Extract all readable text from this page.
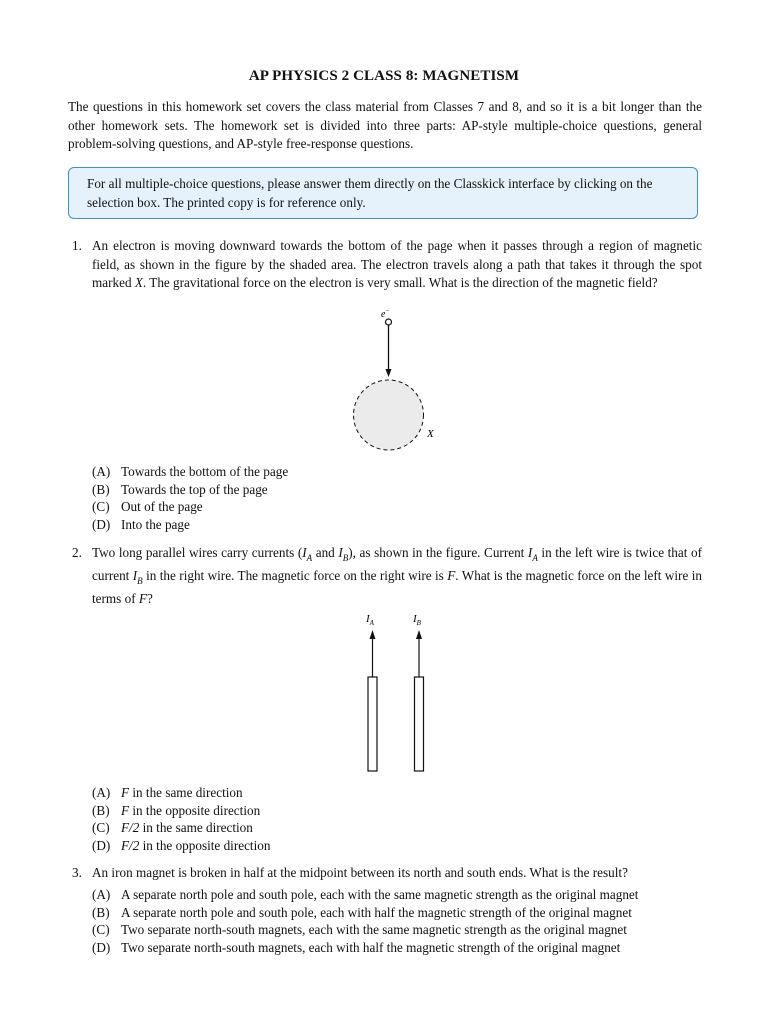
AP PHYSICS 2 CLASS 8: MAGNETISM
The questions in this homework set covers the class material from Classes 7 and 8, and so it is a bit longer than the other homework sets. The homework set is divided into three parts: AP-style multiple-choice questions, general problem-solving questions, and AP-style free-response questions.
For all multiple-choice questions, please answer them directly on the Classkick interface by clicking on the selection box. The printed copy is for reference only.
1. An electron is moving downward towards the bottom of the page when it passes through a region of magnetic field, as shown in the figure by the shaded area. The electron travels along a path that takes it through the spot marked X. The gravitational force on the electron is very small. What is the direction of the magnetic field?
e−
X
(A) Towards the bottom of the page
(B) Towards the top of the page
(C) Out of the page
(D) Into the page
2. Two long parallel wires carry currents ($I_A$ and $I_B$), as shown in the figure. Current $I_A$ in the left wire is twice that of current $I_B$ in the right wire. The magnetic force on the right wire is F. What is the magnetic force on the left wire in terms of F?
$I_A$	$I_B$
(A) F in the same direction
(B) F in the opposite direction
(C) F/2 in the same direction
(D) F/2 in the opposite direction
3. An iron magnet is broken in half at the midpoint between its north and south ends. What is the result?
(A) A separate north pole and south pole, each with the same magnetic strength as the original magnet
(B) A separate north pole and south pole, each with half the magnetic strength of the original magnet
(C) Two separate north-south magnets, each with the same magnetic strength as the original magnet
(D) Two separate north-south magnets, each with half the magnetic strength of the original magnet
